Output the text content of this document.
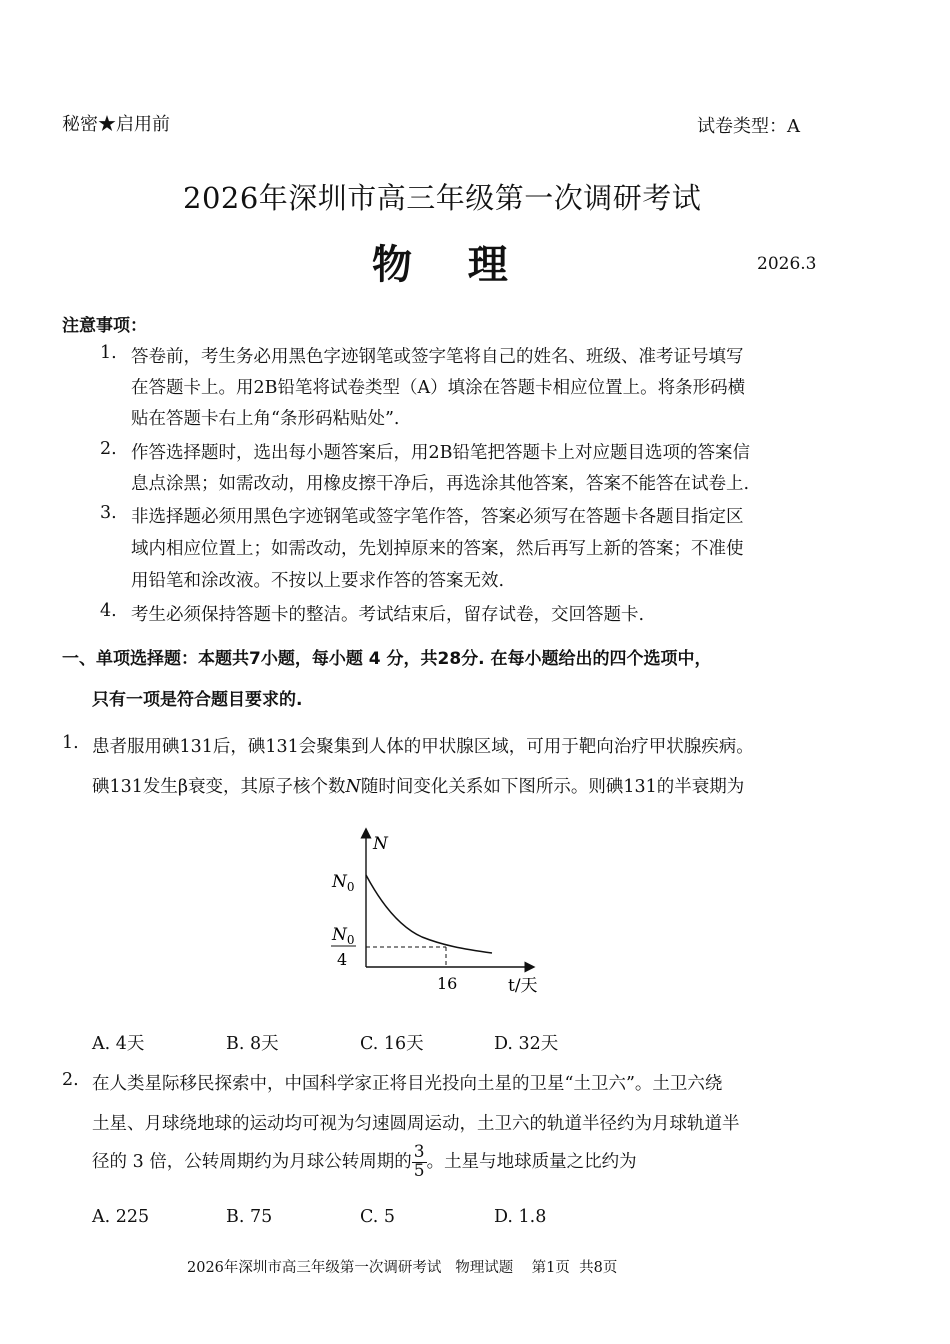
秘密★启用前	试卷类型：A
2026年深圳市高三年级第一次调研考试
物    理	2026.3
注意事项：
1. 答卷前，考生务必用黑色字迹钢笔或签字笔将自己的姓名、班级、准考证号填写
在答题卡上。用2B铅笔将试卷类型（A）填涂在答题卡相应位置上。将条形码横
贴在答题卡右上角“条形码粘贴处”.
2. 作答选择题时，选出每小题答案后，用2B铅笔把答题卡上对应题目选项的答案信
息点涂黑；如需改动，用橡皮擦干净后，再选涂其他答案，答案不能答在试卷上.
3. 非选择题必须用黑色字迹钢笔或签字笔作答，答案必须写在答题卡各题目指定区
域内相应位置上；如需改动，先划掉原来的答案，然后再写上新的答案；不准使
用铅笔和涂改液。不按以上要求作答的答案无效.
4. 考生必须保持答题卡的整洁。考试结束后，留存试卷，交回答题卡.
一、单项选择题：本题共7小题，每小题 4 分，共28分. 在每小题给出的四个选项中，
只有一项是符合题目要求的.
1. 患者服用碘131后，碘131会聚集到人体的甲状腺区域，可用于靶向治疗甲状腺疾病。
碘131发生β衰变，其原子核个数N随时间变化关系如下图所示。则碘131的半衰期为
N
$N_0$
$N_0$
4
16	t/天
A. 4天	B. 8天	C. 16天	D. 32天
2. 在人类星际移民探索中，中国科学家正将目光投向土星的卫星“土卫六”。土卫六绕
土星、月球绕地球的运动均可视为匀速圆周运动，土卫六的轨道半径约为月球轨道半
径的 3 倍，公转周期约为月球公转周期的 $\frac{3}{5}$ 。土星与地球质量之比约为
A. 225	B. 75	C. 5	D. 1.8
2026年深圳市高三年级第一次调研考试   物理试题    第1页  共8页
